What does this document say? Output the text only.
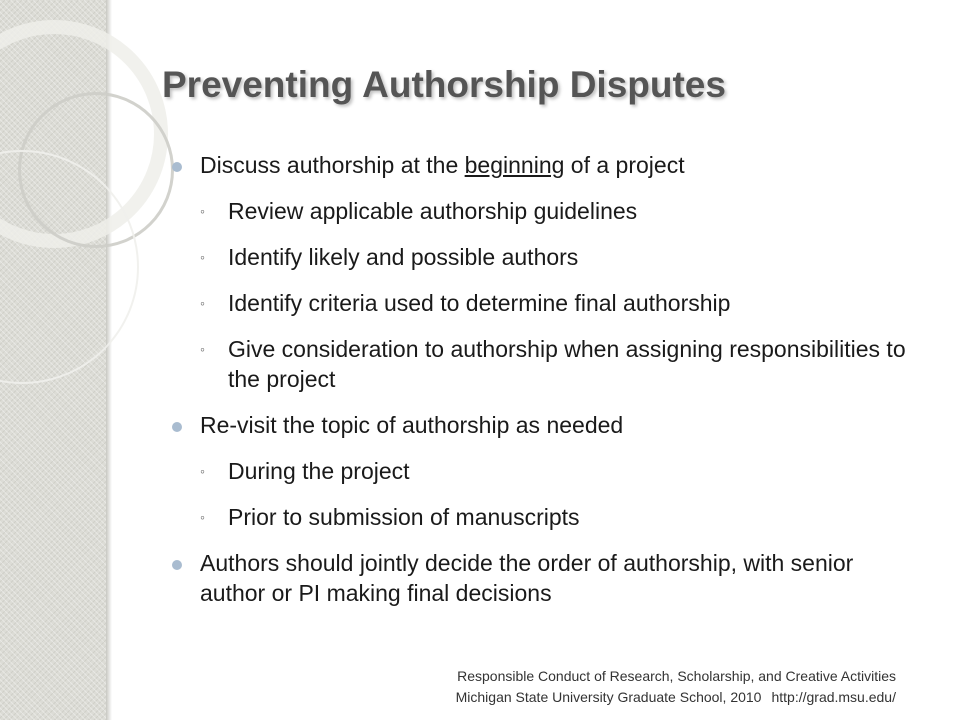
Preventing Authorship Disputes
Discuss authorship at the beginning of a project
◦	Review applicable authorship guidelines
◦	Identify likely and possible authors
◦	Identify criteria used to determine final authorship
◦	Give consideration to authorship when assigning responsibilities to the project
Re-visit the topic of authorship as needed
◦	During the project
◦	Prior to submission of manuscripts
Authors should jointly decide the order of authorship, with senior author or PI making final decisions
Responsible Conduct of Research, Scholarship, and Creative Activities
Michigan State University Graduate School, 2010 http://grad.msu.edu/
